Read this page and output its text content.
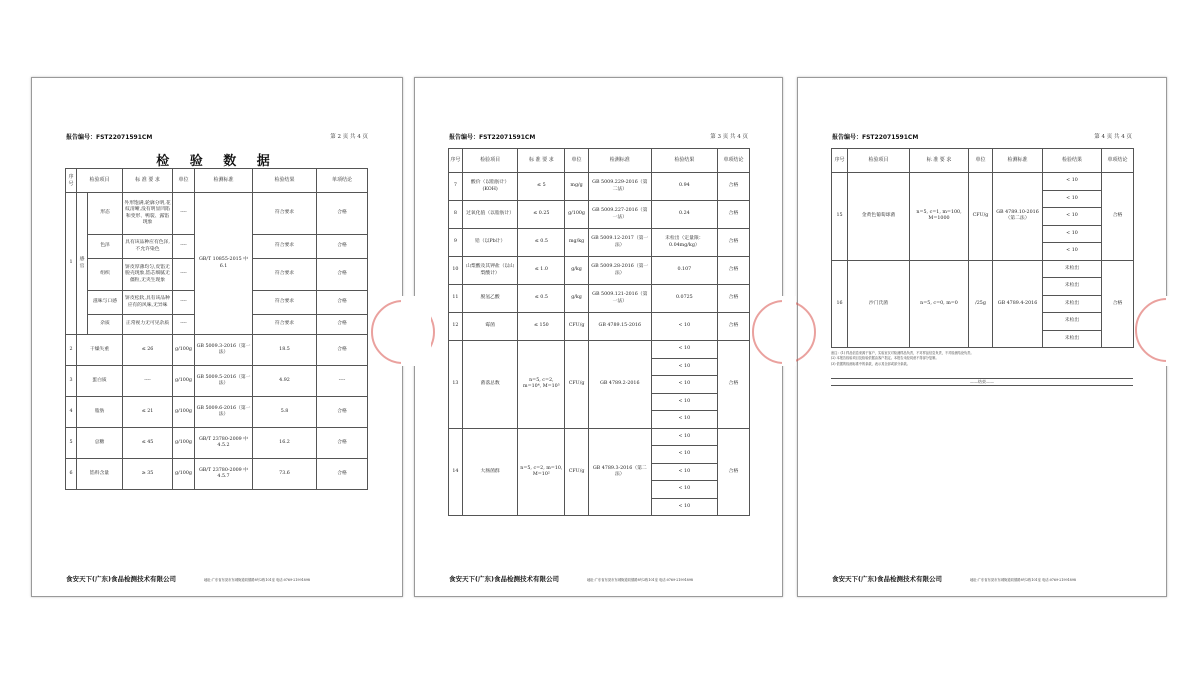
报告编号：FST22071591CM	第 2 页 共 4 页
检 验 数 据
序号	检验项目		标 准 要 求	单位	检测标准	检验结果	单项结论
1	感官	形态	外形饱满,轮廓分明,花纹清晰,没有明显凹陷和变形、鸭裂、露馅现象	----	GB/T 10855-2015 中 6.1	符合要求	合格
		色泽	具有该品种应有色泽,不允许染色	----		符合要求	合格
		组织	饼皮厚薄均匀,皮馅无脱壳现象,馅芯细腻无僵粒,无夹生现象	----		符合要求	合格
		滋味与口感	饼皮松软,具有该品种应有的风味,无异味	----		符合要求	合格
		杂质	正常视力无可见杂质	----		符合要求	合格
2	干燥失重		≤ 26	g/100g	GB 5009.3-2016（第一法）	18.5	合格
3	蛋白质		----	g/100g	GB 5009.5-2016（第一法）	4.92	----
4	脂肪		≤ 21	g/100g	GB 5009.6-2016（第一法）	5.8	合格
5	总糖		≤ 45	g/100g	GB/T 23780-2009 中 4.5.2	16.2	合格
6	馅料含量		≥ 35	g/100g	GB/T 23780-2009 中 4.5.7	73.6	合格
食安天下(广东)食品检测技术有限公司	地址:广东省东莞市东城街道同德路8号2栋101室 电话:0769-21991898
报告编号：FST22071591CM	第 3 页 共 4 页
序号	检验项目	标 准 要 求	单位	检测标准	检验结果	单项结论
7	酸价（以脂肪计）(KOH)	≤ 5	mg/g	GB 5009.229-2016（第二法）	0.94	合格
8	过氧化值（以脂肪计）	≤ 0.25	g/100g	GB 5009.227-2016（第一法）	0.24	合格
9	铅（以Pb计）	≤ 0.5	mg/kg	GB 5009.12-2017（第一法）	未检出（定量限：0.04mg/kg）	合格
10	山梨酸及其钾盐（以山梨酸计）	≤ 1.0	g/kg	GB 5009.28-2016（第一法）	0.107	合格
11	脱氢乙酸	≤ 0.5	g/kg	GB 5009.121-2016（第一法）	0.0725	合格
12	霉菌	≤ 150	CFU/g	GB 4789.15-2016	< 10	合格
13	菌落总数	n=5, c=2, m=10⁴, M=10⁵	CFU/g	GB 4789.2-2016	< 10	合格
					< 10	
					< 10	
					< 10	
					< 10	
14	大肠菌群	n=5, c=2, m=10, M=10²	CFU/g	GB 4789.3-2016（第二法）	< 10	合格
					< 10	
					< 10	
					< 10	
					< 10	
食安天下(广东)食品检测技术有限公司	地址:广东省东莞市东城街道同德路8号2栋101室 电话:0769-21991898
报告编号：FST22071591CM	第 4 页 共 4 页
序号	检验项目	标 准 要 求	单位	检测标准	检验结果	单项结论
15	金黄色葡萄球菌	n=5, c=1, m=100, M=1000	CFU/g	GB 4789.10-2016（第二法）	< 10	合格
					< 10	
					< 10	
					< 10	
					< 10	
16	沙门氏菌	n=5, c=0, m=0	/25g	GB 4789.4-2016	未检出	合格
					未检出	
					未检出	
					未检出	
					未检出	
备注：(1) 样品信息来源于客户，实验室仅对检测样品负责，不对样品信息负责，不对检测结论负责。
(2) 本报告检验项目及检验依据由客户指定。本报告未经同意不得部分复制。
(3) 依据的检测标准中的条款，表示其全部或部分条款。
——结束——
食安天下(广东)食品检测技术有限公司	地址:广东省东莞市东城街道同德路8号2栋101室 电话:0769-21991898
